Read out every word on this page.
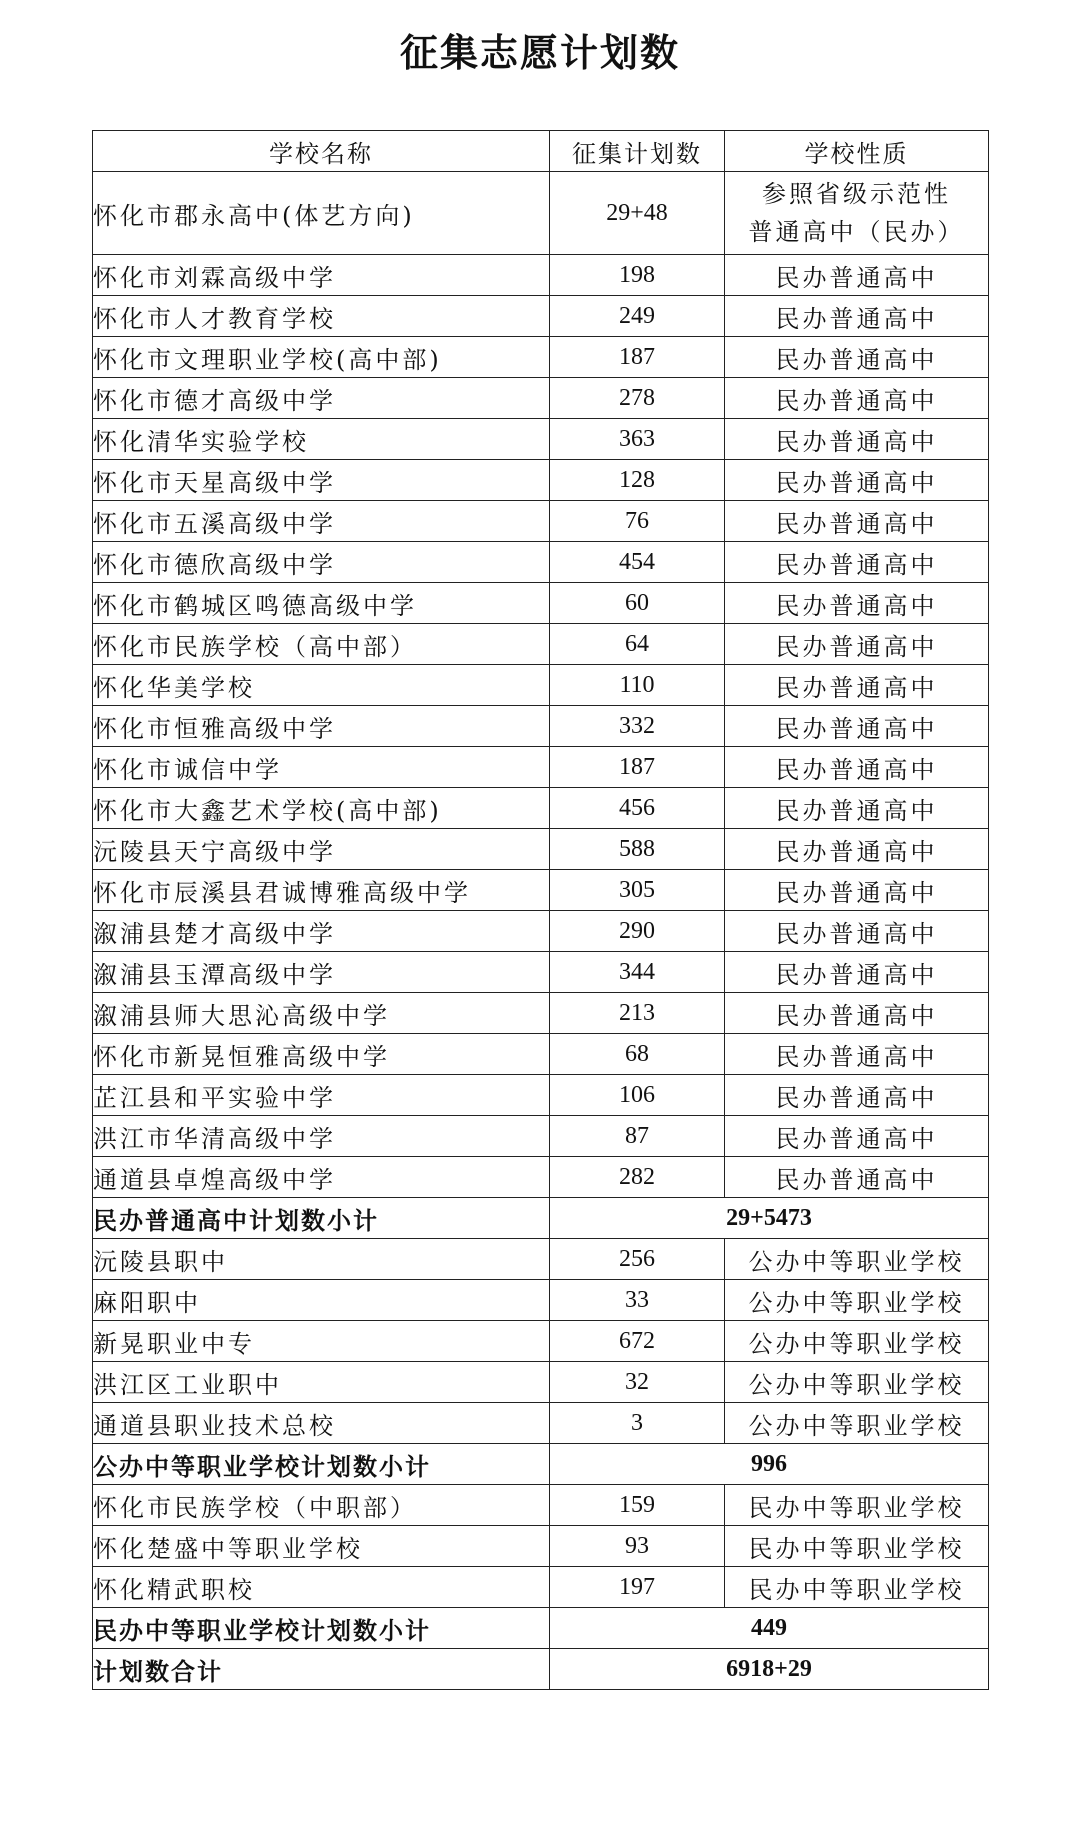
征集志愿计划数
学校名称	征集计划数	学校性质
怀化市郡永高中(体艺方向)	29+48	参照省级示范性
普通高中（民办）

怀化市刘霖高级中学	198	民办普通高中
怀化市人才教育学校	249	民办普通高中
怀化市文理职业学校(高中部)	187	民办普通高中
怀化市德才高级中学	278	民办普通高中
怀化清华实验学校	363	民办普通高中
怀化市天星高级中学	128	民办普通高中
怀化市五溪高级中学	76	民办普通高中
怀化市德欣高级中学	454	民办普通高中
怀化市鹤城区鸣德高级中学	60	民办普通高中
怀化市民族学校（高中部）	64	民办普通高中
怀化华美学校	110	民办普通高中
怀化市恒雅高级中学	332	民办普通高中
怀化市诚信中学	187	民办普通高中
怀化市大鑫艺术学校(高中部)	456	民办普通高中
沅陵县天宁高级中学	588	民办普通高中
怀化市辰溪县君诚博雅高级中学	305	民办普通高中
溆浦县楚才高级中学	290	民办普通高中
溆浦县玉潭高级中学	344	民办普通高中
溆浦县师大思沁高级中学	213	民办普通高中
怀化市新晃恒雅高级中学	68	民办普通高中
芷江县和平实验中学	106	民办普通高中
洪江市华清高级中学	87	民办普通高中
通道县卓煌高级中学	282	民办普通高中
民办普通高中计划数小计	29+5473	
沅陵县职中	256	公办中等职业学校
麻阳职中	33	公办中等职业学校
新晃职业中专	672	公办中等职业学校
洪江区工业职中	32	公办中等职业学校
通道县职业技术总校	3	公办中等职业学校
公办中等职业学校计划数小计	996	
怀化市民族学校（中职部）	159	民办中等职业学校
怀化楚盛中等职业学校	93	民办中等职业学校
怀化精武职校	197	民办中等职业学校
民办中等职业学校计划数小计	449	
计划数合计	6918+29	
